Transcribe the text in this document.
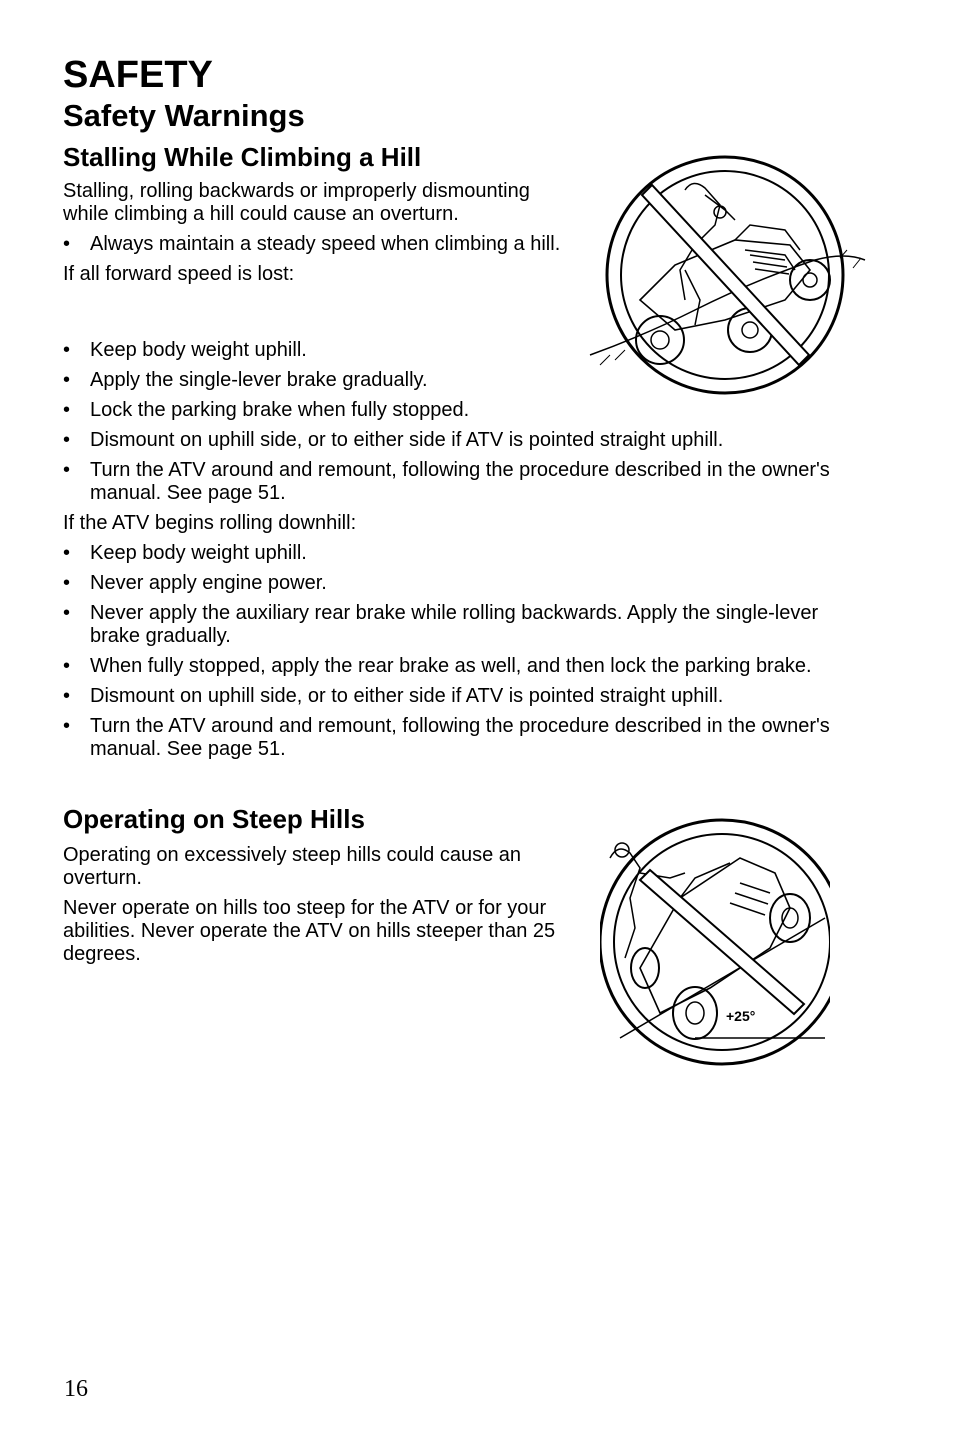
SAFETY
Safety Warnings
Stalling While Climbing a Hill

Stalling, rolling backwards or improperly dismounting while climbing a hill could cause an overturn.

• Always maintain a steady speed when climbing a hill.

If all forward speed is lost:

• Keep body weight uphill.
• Apply the single-lever brake gradually.
• Lock the parking brake when fully stopped.
• Dismount on uphill side, or to either side if ATV is pointed straight uphill.
• Turn the ATV around and remount, following the procedure described in the owner's manual. See page 51.

If the ATV begins rolling downhill:

• Keep body weight uphill.
• Never apply engine power.
• Never apply the auxiliary rear brake while rolling backwards. Apply the single-lever brake gradually.
• When fully stopped, apply the rear brake as well, and then lock the parking brake.
• Dismount on uphill side, or to either side if ATV is pointed straight uphill.
• Turn the ATV around and remount, following the procedure described in the owner's manual. See page 51.
Operating on Steep Hills

Operating on excessively steep hills could cause an overturn.

Never operate on hills too steep for the ATV or for your abilities. Never operate the ATV on hills steeper than 25 degrees.

+25°
16
